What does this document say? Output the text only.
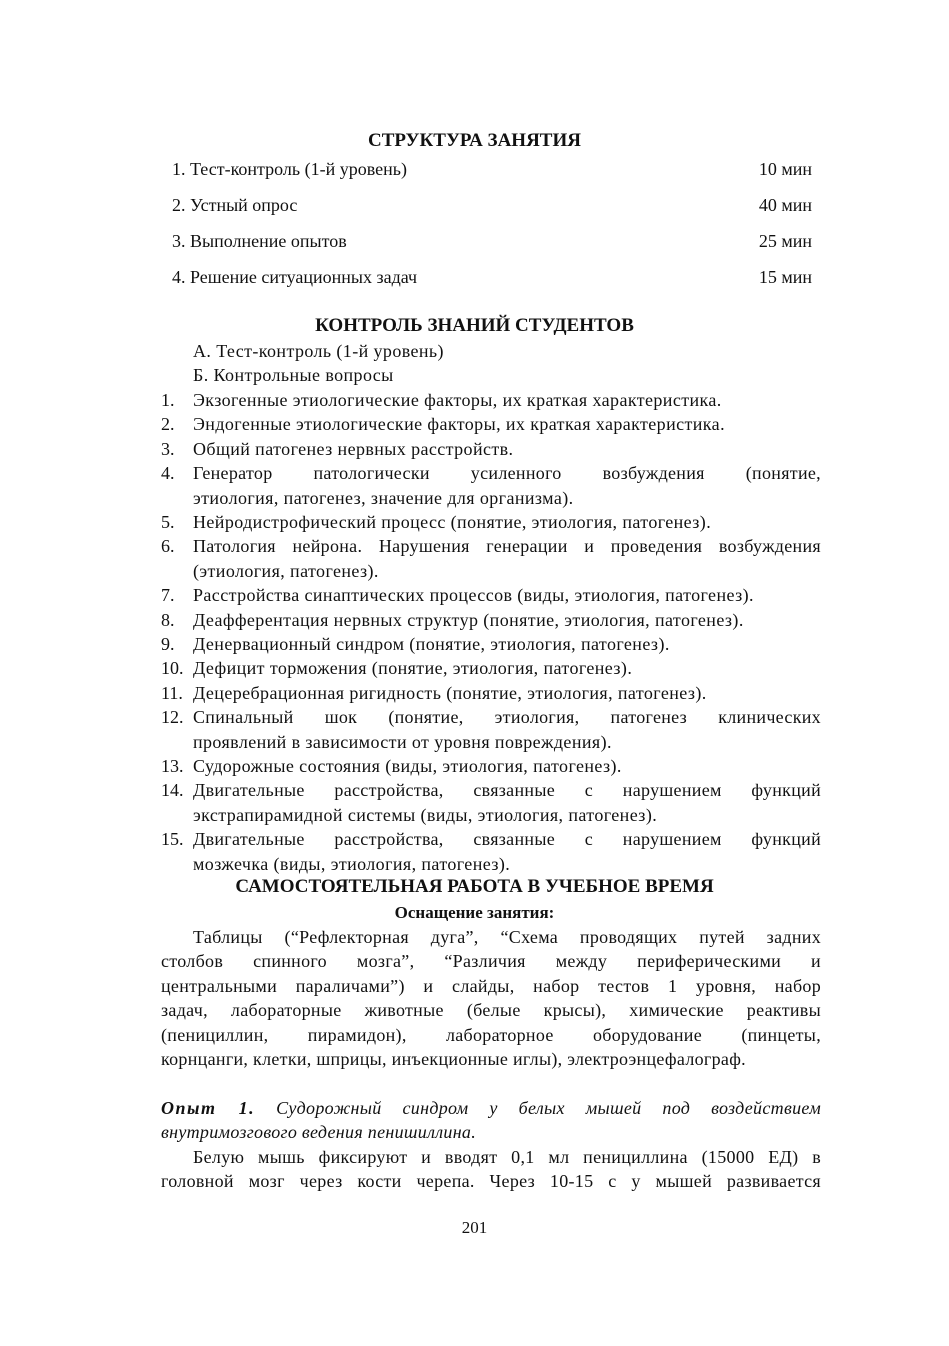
СТРУКТУРА ЗАНЯТИЯ
1. Тест-контроль (1-й уровень)	10 мин
2. Устный опрос	40 мин
3. Выполнение опытов	25 мин
4. Решение ситуационных задач	15 мин
КОНТРОЛЬ ЗНАНИЙ СТУДЕНТОВ
А. Тест-контроль (1-й уровень)
Б. Контрольные вопросы
1. Экзогенные этиологические факторы, их краткая характеристика.
2. Эндогенные этиологические факторы, их краткая характеристика.
3. Общий патогенез нервных расстройств.
4. Генератор патологически усиленного возбуждения (понятие,
этиология, патогенез, значение для организма).
5. Нейродистрофический процесс (понятие, этиология, патогенез).
6. Патология нейрона. Нарушения генерации и проведения возбуждения
(этиология, патогенез).
7. Расстройства синаптических процессов (виды, этиология, патогенез).
8. Деафферентация нервных структур (понятие, этиология, патогенез).
9. Денервационный синдром (понятие, этиология, патогенез).
10. Дефицит торможения (понятие, этиология, патогенез).
11. Децеребрационная ригидность (понятие, этиология, патогенез).
12. Спинальный шок (понятие, этиология, патогенез клинических
проявлений в зависимости от уровня повреждения).
13. Судорожные состояния (виды, этиология, патогенез).
14. Двигательные расстройства, связанные с нарушением функций
экстрапирамидной системы (виды, этиология, патогенез).
15. Двигательные расстройства, связанные с нарушением функций
мозжечка (виды, этиология, патогенез).
САМОСТОЯТЕЛЬНАЯ РАБОТА В УЧЕБНОЕ ВРЕМЯ
Оснащение занятия:
Таблицы (“Рефлекторная дуга”, “Схема проводящих путей задних
столбов спинного мозга”, “Различия между периферическими и
центральными параличами”) и слайды, набор тестов 1 уровня, набор
задач, лабораторные животные (белые крысы), химические реактивы
(пенициллин, пирамидон), лабораторное оборудование (пинцеты,
корнцанги, клетки, шприцы, инъекционные иглы), электроэнцефалограф.
Опыт 1. Судорожный синдром у белых мышей под воздействием
внутримозгового ведения пенишиллина.
Белую мышь фиксируют и вводят 0,1 мл пенициллина (15000 ЕД) в
головной мозг через кости черепа. Через 10-15 с у мышей развивается
201
